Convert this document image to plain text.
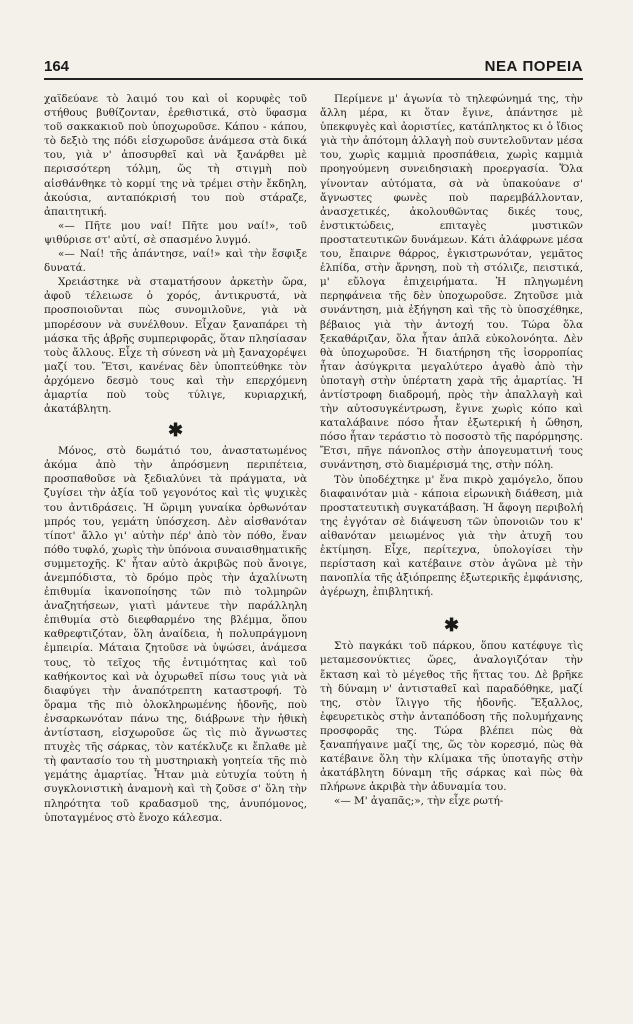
164	ΝΕΑ ΠΟΡΕΙΑ

χαϊδεύανε τὸ λαιμό του καὶ οἱ κορυφὲς τοῦ στήθους βυθίζονταν, ἐρεθιστικά, στὸ ὕφασμα τοῦ σακκακιοῦ ποὺ ὑποχωροῦσε. Κάπου - κάπου, τὸ δεξιὸ της πόδι εἰσχωροῦσε ἀνάμεσα στὰ δικά του, γιὰ ν' ἀποσυρθεῖ καὶ νὰ ξανάρθει μὲ περισσότερη τόλμη, ὥς τὴ στιγμὴ ποὺ αἰσθάνθηκε τὸ κορμί της νὰ τρέμει στὴν ἔκδηλη, ἀκούσια, ανταπόκρισή του ποὺ στάραζε, ἀπαιτητική.

«— Πῆτε μου ναί! Πῆτε μου ναί!», τοῦ ψιθύρισε στ' αὐτί, σὲ σπασμένο λυγμό.

«— Ναί! τῆς ἀπάντησε, ναί!» καὶ τὴν ἔσφιξε δυνατά.

Χρειάστηκε νὰ σταματήσουν ἀρκετὴν ὥρα, ἀφοῦ τέλειωσε ὁ χορός, ἀντικρυστά, νὰ προσποιοῦνται πὼς συνομιλοῦνε, γιὰ νὰ μπορέσουν νὰ συνέλθουν. Εἶχαν ξαναπάρει τὴ μάσκα τῆς ἀβρῆς συμπεριφορᾶς, ὅταν πλησίασαν τοὺς ἄλλους. Εἶχε τὴ σύνεση νὰ μὴ ξαναχορέψει μαζί του. Ἔτσι, κανένας δὲν ὑποπτεύθηκε τὸν ἀρχόμενο δεσμὸ τους καὶ τὴν επερχόμενη ἁμαρτία ποὺ τοὺς τύλιγε, κυριαρχική, ἀκατάβλητη.

✱

Μόνος, στὸ δωμάτιό του, ἀναστατωμένος ἀκόμα ἀπὸ τὴν ἀπρόσμενη περιπέτεια, προσπαθοῦσε νὰ ξεδιαλύνει τὰ πράγματα, νὰ ζυγίσει τὴν ἀξία τοῦ γεγονότος καὶ τὶς ψυχικὲς του ἀντιδράσεις. Ἡ ὥριμη γυναίκα ὀρθωνόταν μπρός του, γεμάτη ὑπόσχεση. Δὲν αἰσθανόταν τίποτ' ἄλλο γι' αὐτὴν πέρ' ἀπὸ τὸν πόθο, ἕναν πόθο τυφλό, χωρὶς τὴν ὑπόνοια συναισθηματικῆς συμμετοχῆς. Κ' ἦταν αὐτὸ ἀκριβῶς ποὺ ἄνοιγε, ἀνεμπόδιστα, τὸ δρόμο πρὸς τὴν ἀχαλίνωτη ἐπιθυμία ἱκανοποίησης τῶν πιὸ τολμηρῶν ἀναζητήσεων, γιατὶ μάντευε τὴν παράλληλη ἐπιθυμία στὸ διεφθαρμένο της βλέμμα, ὅπου καθρεφτιζόταν, ὅλη ἀναίδεια, ἡ πολυπράγμονη ἐμπειρία. Μάταια ζητοῦσε νὰ ὑψώσει, ἀνάμεσα τους, τὸ τεῖχος τῆς ἐντιμότητας καὶ τοῦ καθήκοντος καὶ νὰ ὀχυρωθεῖ πίσω τους γιὰ νὰ διαφύγει τὴν ἀναπότρεπτη καταστροφή. Τὸ ὅραμα τῆς πιὸ ὁλοκληρωμένης ἡδονῆς, ποὺ ἐνσαρκωνόταν πάνω της, διάβρωνε τὴν ἠθικὴ ἀντίσταση, εἰσχωροῦσε ὥς τὶς πιὸ ἄγνωστες πτυχὲς τῆς σάρκας, τὸν κατέκλυζε κι ἔπλαθε μὲ τὴ φαντασίο του τὴ μυστηριακὴ γοητεία τῆς πιὸ γεμάτης ἁμαρτίας. Ἦταν μιὰ εὐτυχία τούτη ἡ συγκλονιστικὴ ἀναμονὴ καὶ τὴ ζοῦσε σ' ὅλη τὴν πληρότητα τοῦ κραδασμοῦ της, ἀνυπόμονος, ὑποταγμένος στὸ ἔνοχο κάλεσμα.

Περίμενε μ' ἀγωνία τὸ τηλεφώνημά της, τὴν ἄλλη μέρα, κι ὅταν ἔγινε, ἀπάντησε μὲ ὑπεκφυγὲς καὶ ἀοριστίες, κατάπληκτος κι ὁ ἴδιος γιὰ τὴν ἀπότομη ἀλλαγὴ ποὺ συντελοῦνταν μέσα του, χωρὶς καμμιὰ προσπάθεια, χωρὶς καμμιὰ προηγούμενη συνειδησιακὴ προεργασία. Ὅλα γίνονταν αὐτόματα, σὰ νὰ ὑπακούανε σ' ἄγνωστες φωνὲς ποὺ παρεμβάλλονταν, ἀνασχετικές, ἀκολουθῶντας δικές τους, ἐνστικτώδεις, επιταγὲς μυστικῶν προστατευτικῶν δυνάμεων. Κάτι ἀλάφρωνε μέσα του, ἔπαιρνε θάρρος, ἐγκιστρωνόταν, γεμᾶτος ἐλπίδα, στὴν ἄρνηση, ποὺ τὴ στόλιζε, πειστικά, μ' εὔλογα ἐπιχειρήματα. Ἡ πληγωμένη περηφάνεια τῆς δὲν ὑποχωροῦσε. Ζητοῦσε μιὰ συνάντηση, μιὰ ἐξήγηση καὶ τῆς τὸ ὑποσχέθηκε, βέβαιος γιὰ τὴν ἀντοχή του. Τώρα ὅλα ξεκαθάριζαν, ὅλα ἦταν ἁπλᾶ εὐκολονόητα. Δὲν θὰ ὑποχωροῦσε. Ἡ διατήρηση τῆς ἰσορροπίας ἦταν ἀσύγκριτα μεγαλύτερο ἀγαθὸ ἀπὸ τὴν ὑποταγὴ στὴν ὑπέρτατη χαρὰ τῆς ἁμαρτίας. Ἡ ἀντίστροφη διαδρομή, πρὸς τὴν ἀπαλλαγὴ καὶ τὴν αὐτοσυγκέντρωση, ἔγινε χωρὶς κόπο καὶ καταλάβαινε πόσο ἦταν ἐξωτερική ἡ ὤθηση, πόσο ἦταν τεράστιο τὸ ποσοστὸ τῆς παρόρμησης. Ἔτσι, πῆγε πάνοπλος στὴν ἀπογευματινή τους συνάντηση, στὸ διαμέρισμά της, στὴν πόλη.

Τὸν ὑποδέχτηκε μ' ἕνα πικρὸ χαμόγελο, ὅπου διαφαινόταν μιὰ - κάποια εἰρωνικὴ διάθεση, μιὰ προστατευτικὴ συγκατάβαση. Ἡ ἄφογη περιβολή της ἐγγόταν σὲ διάψευση τῶν ὑπονοιῶν του κ' αἰθανόταν μειωμένος γιὰ τὴν ἀτυχῆ του ἐκτίμηση. Εἶχε, περίτεχνα, ὑπολογίσει τὴν περίσταση καὶ κατέβαινε στὸν ἀγῶνα μὲ τὴν πανοπλία τῆς ἀξιόπρεπης ἐξωτερικῆς ἐμφάνισης, ἀγέρωχη, ἐπιβλητική.

✱

Στὸ παγκάκι τοῦ πάρκου, ὅπου κατέφυγε τὶς μεταμεσονύκτιες ὥρες, ἀναλογιζόταν τὴν ἔκταση καὶ τὸ μέγεθος τῆς ἥττας του. Δὲ βρῆκε τὴ δύναμη ν' ἀντισταθεῖ καὶ παραδόθηκε, μαζί της, στὸν ἴλιγγο τῆς ἡδονῆς. Ἔξαλλος, ἐφευρετικὸς στὴν ἀνταπόδοση τῆς πολυμήχανης προσφορᾶς της. Τώρα βλέπει πὼς θὰ ξαναπήγαινε μαζί της, ὥς τὸν κορεσμό, πὼς θὰ κατέβαινε ὅλη τὴν κλίμακα τῆς ὑποταγῆς στὴν ἀκατάβλητη δύναμη τῆς σάρκας καὶ πὼς θὰ πλήρωνε ἀκριβὰ τὴν ἀδυναμία του.

«— Μ' ἀγαπᾶς;», τὴν εἶχε ρωτή-
